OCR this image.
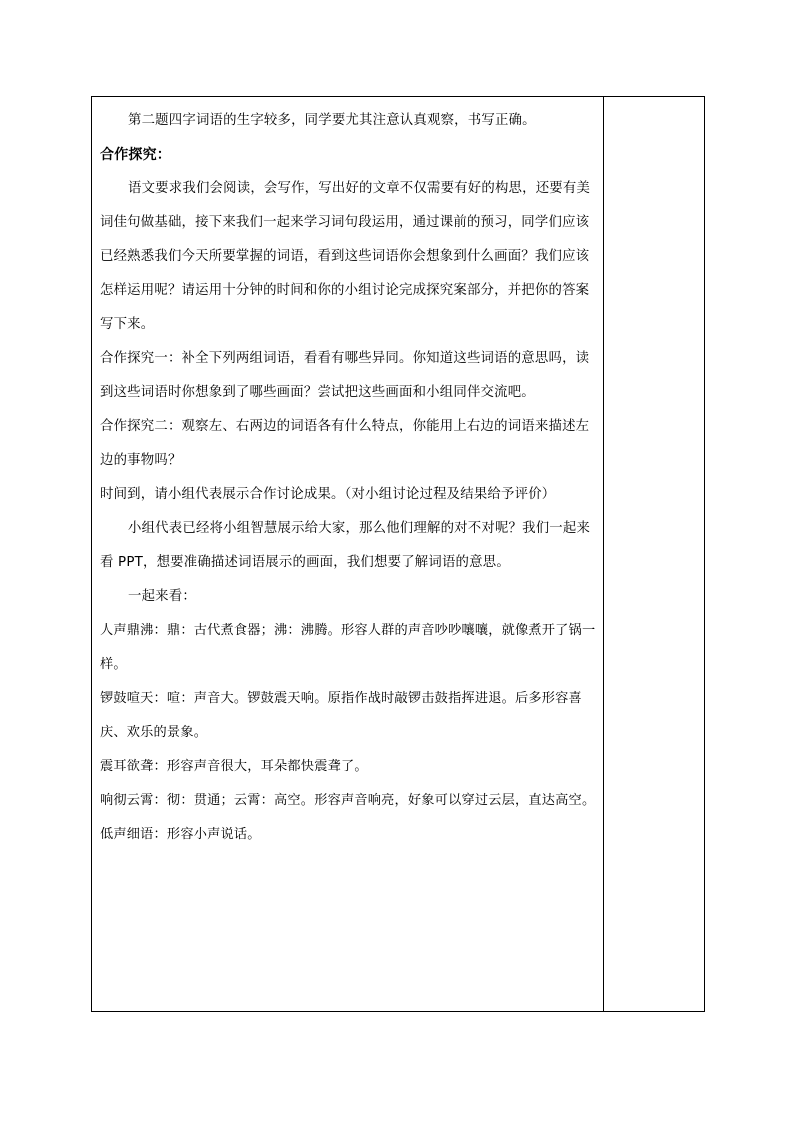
第二题四字词语的生字较多，同学要尤其注意认真观察，书写正确。

合作探究：

语文要求我们会阅读，会写作，写出好的文章不仅需要有好的构思，还要有美词佳句做基础，接下来我们一起来学习词句段运用，通过课前的预习，同学们应该已经熟悉我们今天所要掌握的词语，看到这些词语你会想象到什么画面？我们应该怎样运用呢？请运用十分钟的时间和你的小组讨论完成探究案部分，并把你的答案写下来。

合作探究一：补全下列两组词语，看看有哪些异同。你知道这些词语的意思吗，读到这些词语时你想象到了哪些画面？尝试把这些画面和小组同伴交流吧。

合作探究二：观察左、右两边的词语各有什么特点，你能用上右边的词语来描述左边的事物吗？

时间到，请小组代表展示合作讨论成果。（对小组讨论过程及结果给予评价）

小组代表已经将小组智慧展示给大家，那么他们理解的对不对呢？我们一起来看 PPT，想要准确描述词语展示的画面，我们想要了解词语的意思。

一起来看：

人声鼎沸：鼎：古代煮食器；沸：沸腾。形容人群的声音吵吵嚷嚷，就像煮开了锅一样。

锣鼓喧天：喧：声音大。锣鼓震天响。原指作战时敲锣击鼓指挥进退。后多形容喜庆、欢乐的景象。

震耳欲聋：形容声音很大，耳朵都快震聋了。

响彻云霄：彻：贯通；云霄：高空。形容声音响亮，好象可以穿过云层，直达高空。

低声细语：形容小声说话。
